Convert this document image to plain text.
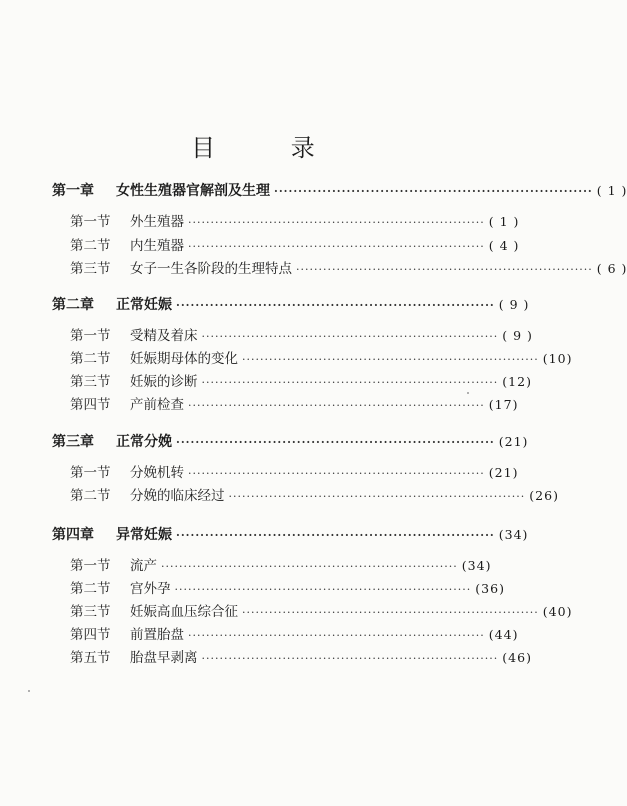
目 录
第一章	女性生殖器官解剖及生理 ·································································· ( 1 )
第一节	外生殖器 ·································································· ( 1 )
第二节	内生殖器 ·································································· ( 4 )
第三节	女子一生各阶段的生理特点 ·································································· ( 6 )
第二章	正常妊娠 ·································································· ( 9 )
第一节	受精及着床 ·································································· ( 9 )
第二节	妊娠期母体的变化 ·································································· (10)
第三节	妊娠的诊断 ·································································· (12)
第四节	产前检查 ·································································· (17)
第三章	正常分娩 ·································································· (21)
第一节	分娩机转 ·································································· (21)
第二节	分娩的临床经过 ·································································· (26)
第四章	异常妊娠 ·································································· (34)
第一节	流产 ·································································· (34)
第二节	宫外孕 ·································································· (36)
第三节	妊娠高血压综合征 ·································································· (40)
第四节	前置胎盘 ·································································· (44)
第五节	胎盘早剥离 ·································································· (46)
